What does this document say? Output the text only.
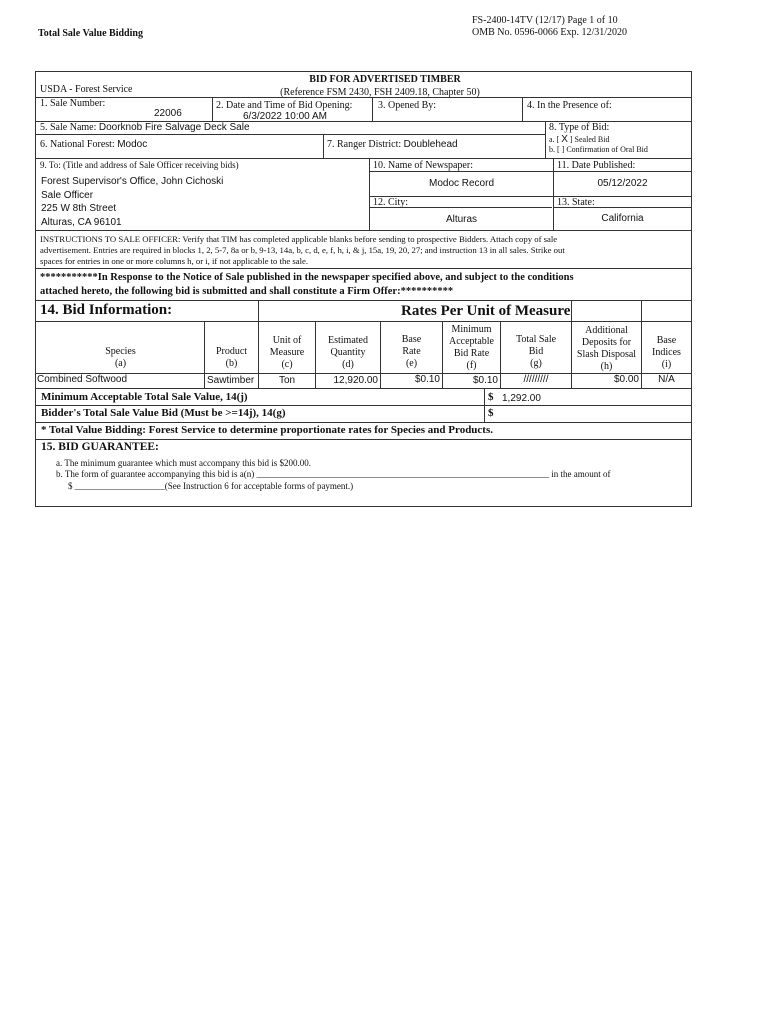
Total Sale Value Bidding
FS-2400-14TV (12/17) Page 1 of 10
OMB No. 0596-0066 Exp. 12/31/2020
BID FOR ADVERTISED TIMBER
(Reference FSM 2430, FSH 2409.18, Chapter 50)
USDA - Forest Service
1. Sale Number:
22006
2. Date and Time of Bid Opening:
6/3/2022 10:00 AM
3. Opened By:	4. In the Presence of:
5. Sale Name: Doorknob Fire Salvage Deck Sale	8. Type of Bid:
a. [ X ] Sealed Bid
b. [ ] Confirmation of Oral Bid
6. National Forest: Modoc	7. Ranger District: Doublehead
9. To: (Title and address of Sale Officer receiving bids)
Forest Supervisor's Office, John Cichoski
Sale Officer
225 W 8th Street
Alturas, CA 96101
10. Name of Newspaper:
Modoc Record
11. Date Published:
05/12/2022
12. City:
Alturas
13. State:
California
INSTRUCTIONS TO SALE OFFICER: Verify that TIM has completed applicable blanks before sending to prospective Bidders. Attach copy of sale
advertisement. Entries are required in blocks 1, 2, 5-7, 8a or b, 9-13, 14a, b, c, d, e, f, h, i, & j, 15a, 19, 20, 27; and instruction 13 in all sales. Strike out
spaces for entries in one or more columns h, or i, if not applicable to the sale.
***********In Response to the Notice of Sale published in the newspaper specified above, and subject to the conditions
attached hereto, the following bid is submitted and shall constitute a Firm Offer:**********
14. Bid Information:	Rates Per Unit of Measure
Species
(a)
Product
(b)
Unit of
Measure
(c)
Estimated
Quantity
(d)
Base
Rate
(e)
Minimum
Acceptable
Bid Rate
(f)
Total Sale
Bid
(g)
Additional
Deposits for
Slash Disposal
(h)
Base
Indices
(i)
Combined Softwood	Sawtimber	Ton	12,920.00	$0.10	$0.10	/////////	$0.00	N/A
Minimum Acceptable Total Sale Value, 14(j)	$ 1,292.00
Bidder's Total Sale Value Bid (Must be >=14j), 14(g)	$
* Total Value Bidding: Forest Service to determine proportionate rates for Species and Products.
15. BID GUARANTEE:
a. The minimum guarantee which must accompany this bid is $200.00.
b. The form of guarantee accompanying this bid is a(n) _________________________________________________________________ in the amount of
$ ____________________(See Instruction 6 for acceptable forms of payment.)
